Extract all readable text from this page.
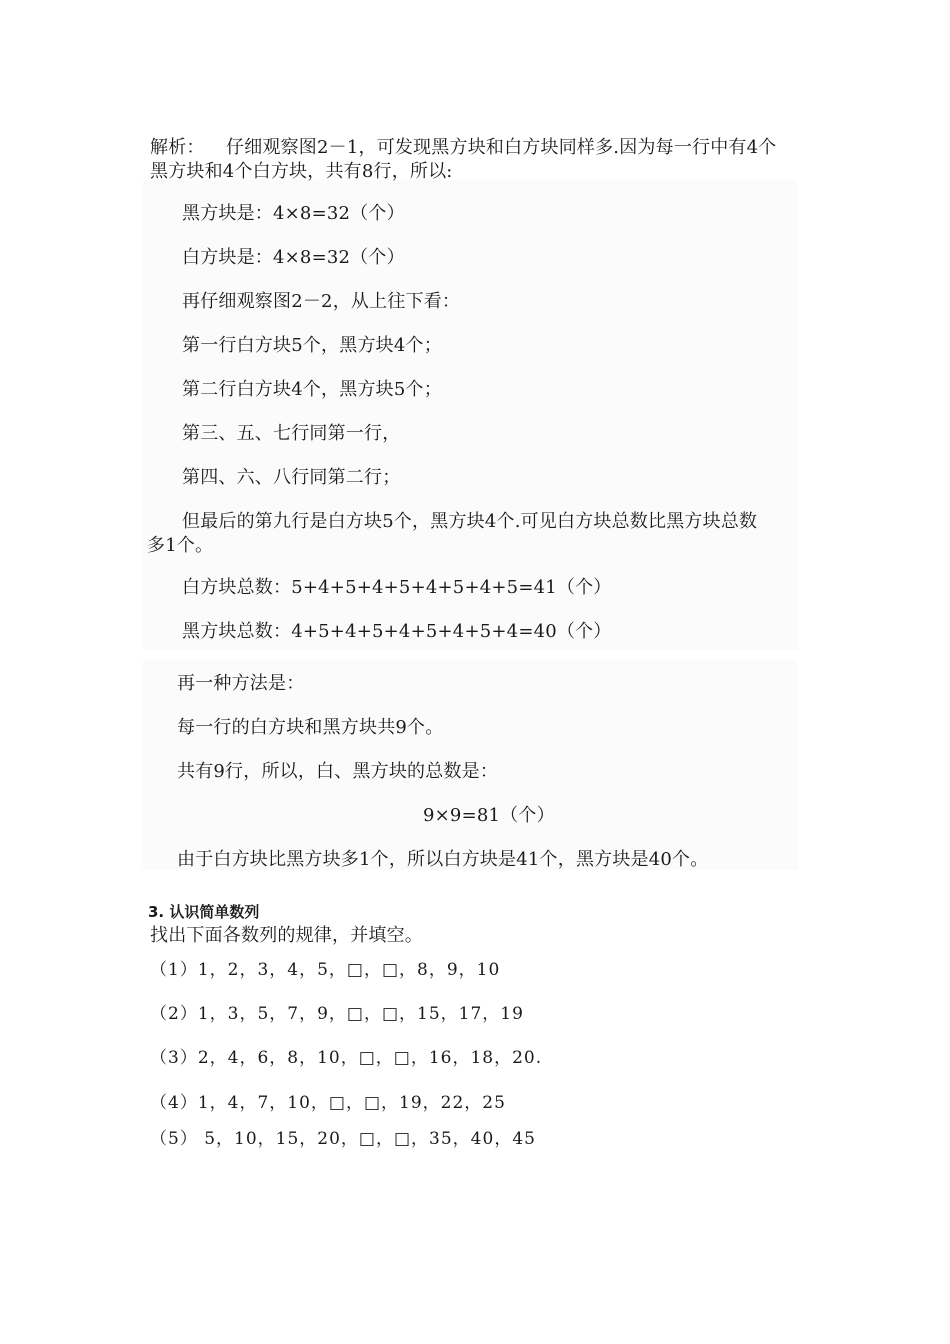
解析： 仔细观察图2－1，可发现黑方块和白方块同样多.因为每一行中有4个
黑方块和4个白方块，共有8行，所以:
黑方块是：4×8=32（个）
白方块是：4×8=32（个）
再仔细观察图2－2，从上往下看：
第一行白方块5个，黑方块4个；
第二行白方块4个，黑方块5个；
第三、五、七行同第一行，
第四、六、八行同第二行；
但最后的第九行是白方块5个，黑方块4个.可见白方块总数比黑方块总数
多1个。
白方块总数：5+4+5+4+5+4+5+4+5=41（个）
黑方块总数：4+5+4+5+4+5+4+5+4=40（个）
再一种方法是：
每一行的白方块和黑方块共9个。
共有9行，所以，白、黑方块的总数是：
9×9=81（个）
由于白方块比黑方块多1个，所以白方块是41个，黑方块是40个。
3. 认识简单数列
找出下面各数列的规律，并填空。
（1）1，2，3，4，5，□，□，8，9，10
（2）1，3，5，7，9，□，□，15，17，19
（3）2，4，6，8，10，□，□，16，18，20.
（4）1，4，7，10，□，□，19，22，25
（5） 5，10，15，20，□，□，35，40，45
